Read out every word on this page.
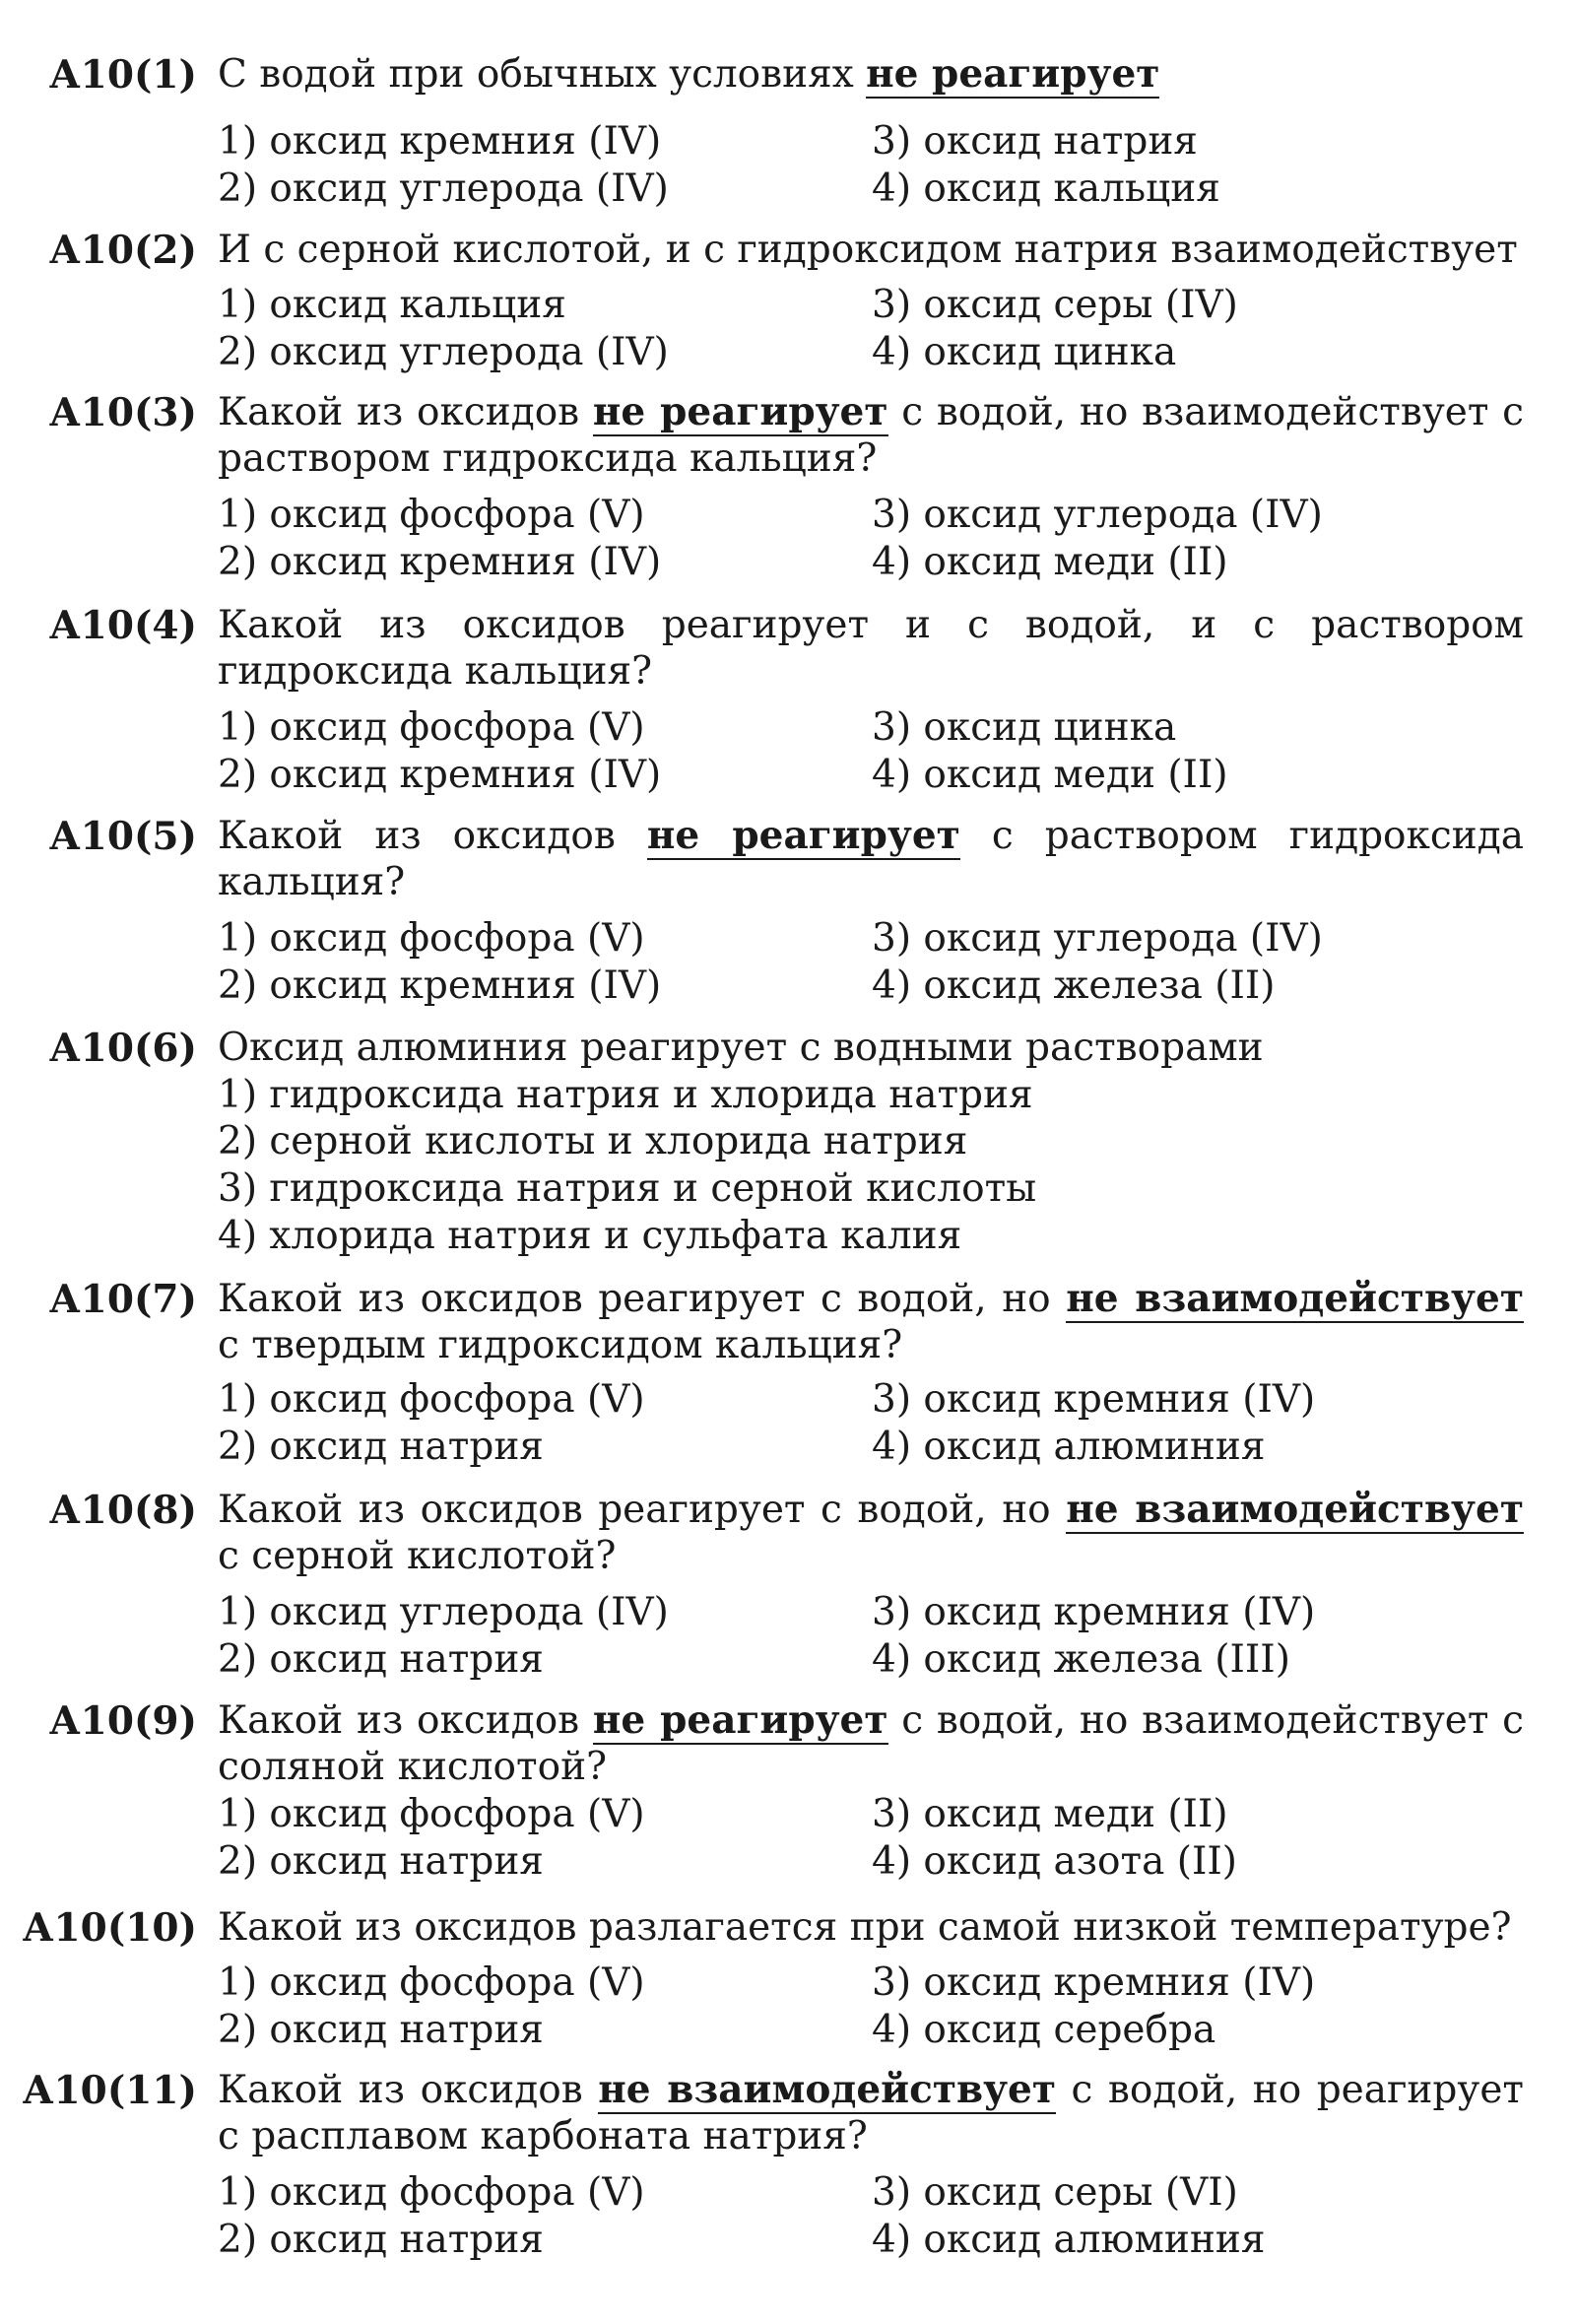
А10(1) С водой при обычных условиях не реагирует
1) оксид кремния (IV)
2) оксид углерода (IV)
3) оксид натрия
4) оксид кальция
А10(2) И с серной кислотой, и с гидроксидом натрия взаимодействует
1) оксид кальция
2) оксид углерода (IV)
3) оксид серы (IV)
4) оксид цинка
А10(3) Какой из оксидов не реагирует с водой, но взаимодействует с раствором гидроксида кальция?
1) оксид фосфора (V)
2) оксид кремния (IV)
3) оксид углерода (IV)
4) оксид меди (II)
А10(4) Какой из оксидов реагирует и с водой, и с раствором гидроксида кальция?
1) оксид фосфора (V)
2) оксид кремния (IV)
3) оксид цинка
4) оксид меди (II)
А10(5) Какой из оксидов не реагирует с раствором гидроксида кальция?
1) оксид фосфора (V)
2) оксид кремния (IV)
3) оксид углерода (IV)
4) оксид железа (II)
А10(6) Оксид алюминия реагирует с водными растворами
1) гидроксида натрия и хлорида натрия
2) серной кислоты и хлорида натрия
3) гидроксида натрия и серной кислоты
4) хлорида натрия и сульфата калия
А10(7) Какой из оксидов реагирует с водой, но не взаимодействует с твердым гидроксидом кальция?
1) оксид фосфора (V)
2) оксид натрия
3) оксид кремния (IV)
4) оксид алюминия
А10(8) Какой из оксидов реагирует с водой, но не взаимодействует с серной кислотой?
1) оксид углерода (IV)
2) оксид натрия
3) оксид кремния (IV)
4) оксид железа (III)
А10(9) Какой из оксидов не реагирует с водой, но взаимодействует с соляной кислотой?
1) оксид фосфора (V)
2) оксид натрия
3) оксид меди (II)
4) оксид азота (II)
А10(10) Какой из оксидов разлагается при самой низкой температуре?
1) оксид фосфора (V)
2) оксид натрия
3) оксид кремния (IV)
4) оксид серебра
А10(11) Какой из оксидов не взаимодействует с водой, но реагирует с расплавом карбоната натрия?
1) оксид фосфора (V)
2) оксид натрия
3) оксид серы (VI)
4) оксид алюминия
